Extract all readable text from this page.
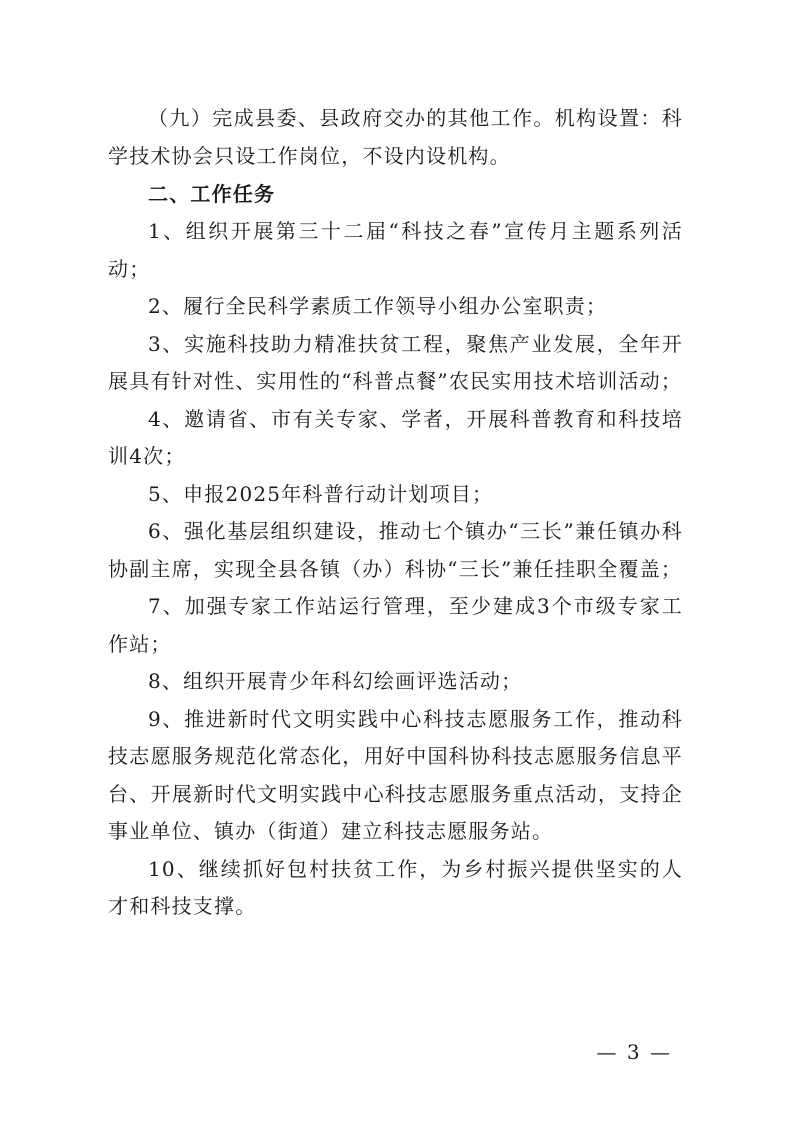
（九）完成县委、县政府交办的其他工作。机构设置：科学技术协会只设工作岗位，不设内设机构。

二、工作任务

1、组织开展第三十二届“科技之春”宣传月主题系列活动；

2、履行全民科学素质工作领导小组办公室职责；

3、实施科技助力精准扶贫工程，聚焦产业发展，全年开展具有针对性、实用性的“科普点餐”农民实用技术培训活动；

4、邀请省、市有关专家、学者，开展科普教育和科技培训4次；

5、申报2025年科普行动计划项目；

6、强化基层组织建设，推动七个镇办“三长”兼任镇办科协副主席，实现全县各镇（办）科协“三长”兼任挂职全覆盖；

7、加强专家工作站运行管理，至少建成3个市级专家工作站；

8、组织开展青少年科幻绘画评选活动；

9、推进新时代文明实践中心科技志愿服务工作，推动科技志愿服务规范化常态化，用好中国科协科技志愿服务信息平台、开展新时代文明实践中心科技志愿服务重点活动，支持企事业单位、镇办（街道）建立科技志愿服务站。

10、继续抓好包村扶贫工作，为乡村振兴提供坚实的人才和科技支撑。

— 3 —
